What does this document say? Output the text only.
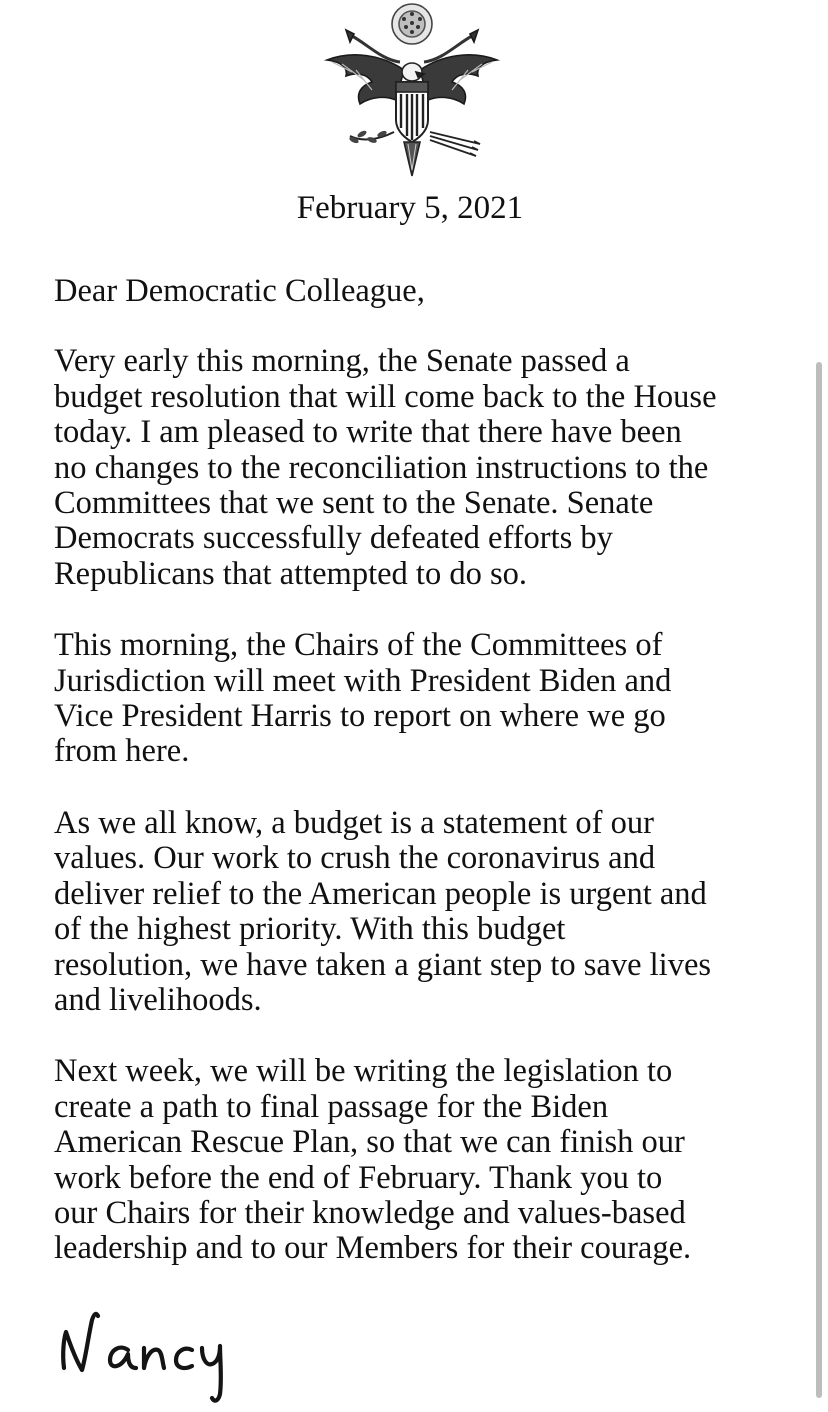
February 5, 2021
Dear Democratic Colleague,
Very early this morning, the Senate passed a
budget resolution that will come back to the House
today. I am pleased to write that there have been
no changes to the reconciliation instructions to the
Committees that we sent to the Senate. Senate
Democrats successfully defeated efforts by
Republicans that attempted to do so.
This morning, the Chairs of the Committees of
Jurisdiction will meet with President Biden and
Vice President Harris to report on where we go
from here.
As we all know, a budget is a statement of our
values. Our work to crush the coronavirus and
deliver relief to the American people is urgent and
of the highest priority. With this budget
resolution, we have taken a giant step to save lives
and livelihoods.
Next week, we will be writing the legislation to
create a path to final passage for the Biden
American Rescue Plan, so that we can finish our
work before the end of February. Thank you to
our Chairs for their knowledge and values-based
leadership and to our Members for their courage.
